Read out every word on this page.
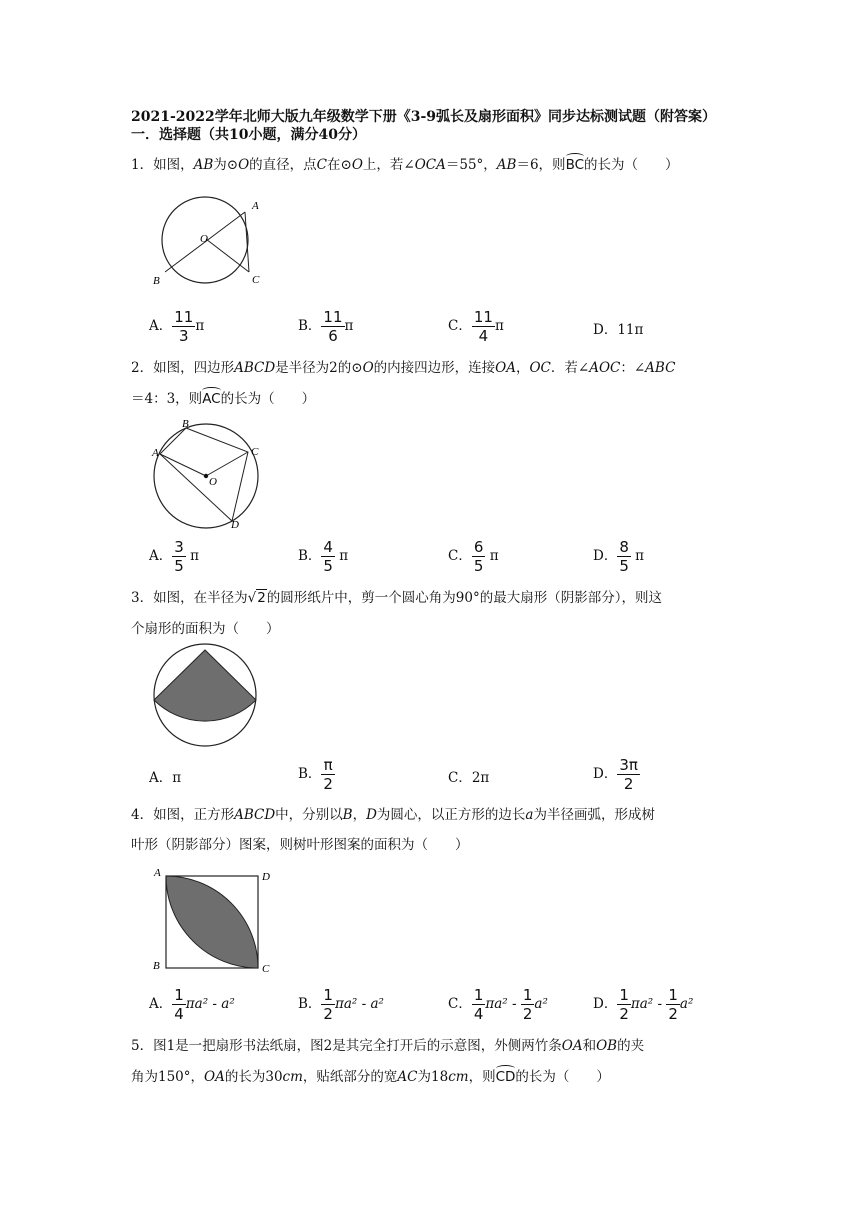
2021-2022学年北师大版九年级数学下册《3-9弧长及扇形面积》同步达标测试题（附答案）
一．选择题（共10小题，满分40分）
1．如图，AB为⊙O的直径，点C在⊙O上，若∠OCA＝55°，AB＝6，则BC的长为（　　）
A
B	C
O
A． $\frac{11}{3}$ π	B． $\frac{11}{6}$ π	C． $\frac{11}{4}$ π	D．11π
2．如图，四边形ABCD是半径为2的⊙O的内接四边形，连接OA，OC．若∠AOC：∠ABC
＝4：3，则AC的长为（　　）
A
B
C
D
O
A． $\frac{3}{5}$ π	B． $\frac{4}{5}$ π	C． $\frac{6}{5}$ π	D． $\frac{8}{5}$ π
3．如图，在半径为√2的圆形纸片中，剪一个圆心角为90°的最大扇形（阴影部分），则这
个扇形的面积为（　　）
A．π	B． $\frac{\pi}{2}$	C．2π	D． $\frac{3\pi}{2}$
4．如图，正方形ABCD中，分别以B，D为圆心，以正方形的边长a为半径画弧，形成树
叶形（阴影部分）图案，则树叶形图案的面积为（　　）
A
B	C
D
A． $\frac{1}{4} \pi a^2 - a^2$	B． $\frac{1}{2} \pi a^2 - a^2$	C． $\frac{1}{4} \pi a^2 - \frac{1}{2} a^2$	D． $\frac{1}{2} \pi a^2 - \frac{1}{2} a^2$
5．图1是一把扇形书法纸扇，图2是其完全打开后的示意图，外侧两竹条OA和OB的夹
角为150°，OA的长为30cm，贴纸部分的宽AC为18cm，则CD的长为（　　）
